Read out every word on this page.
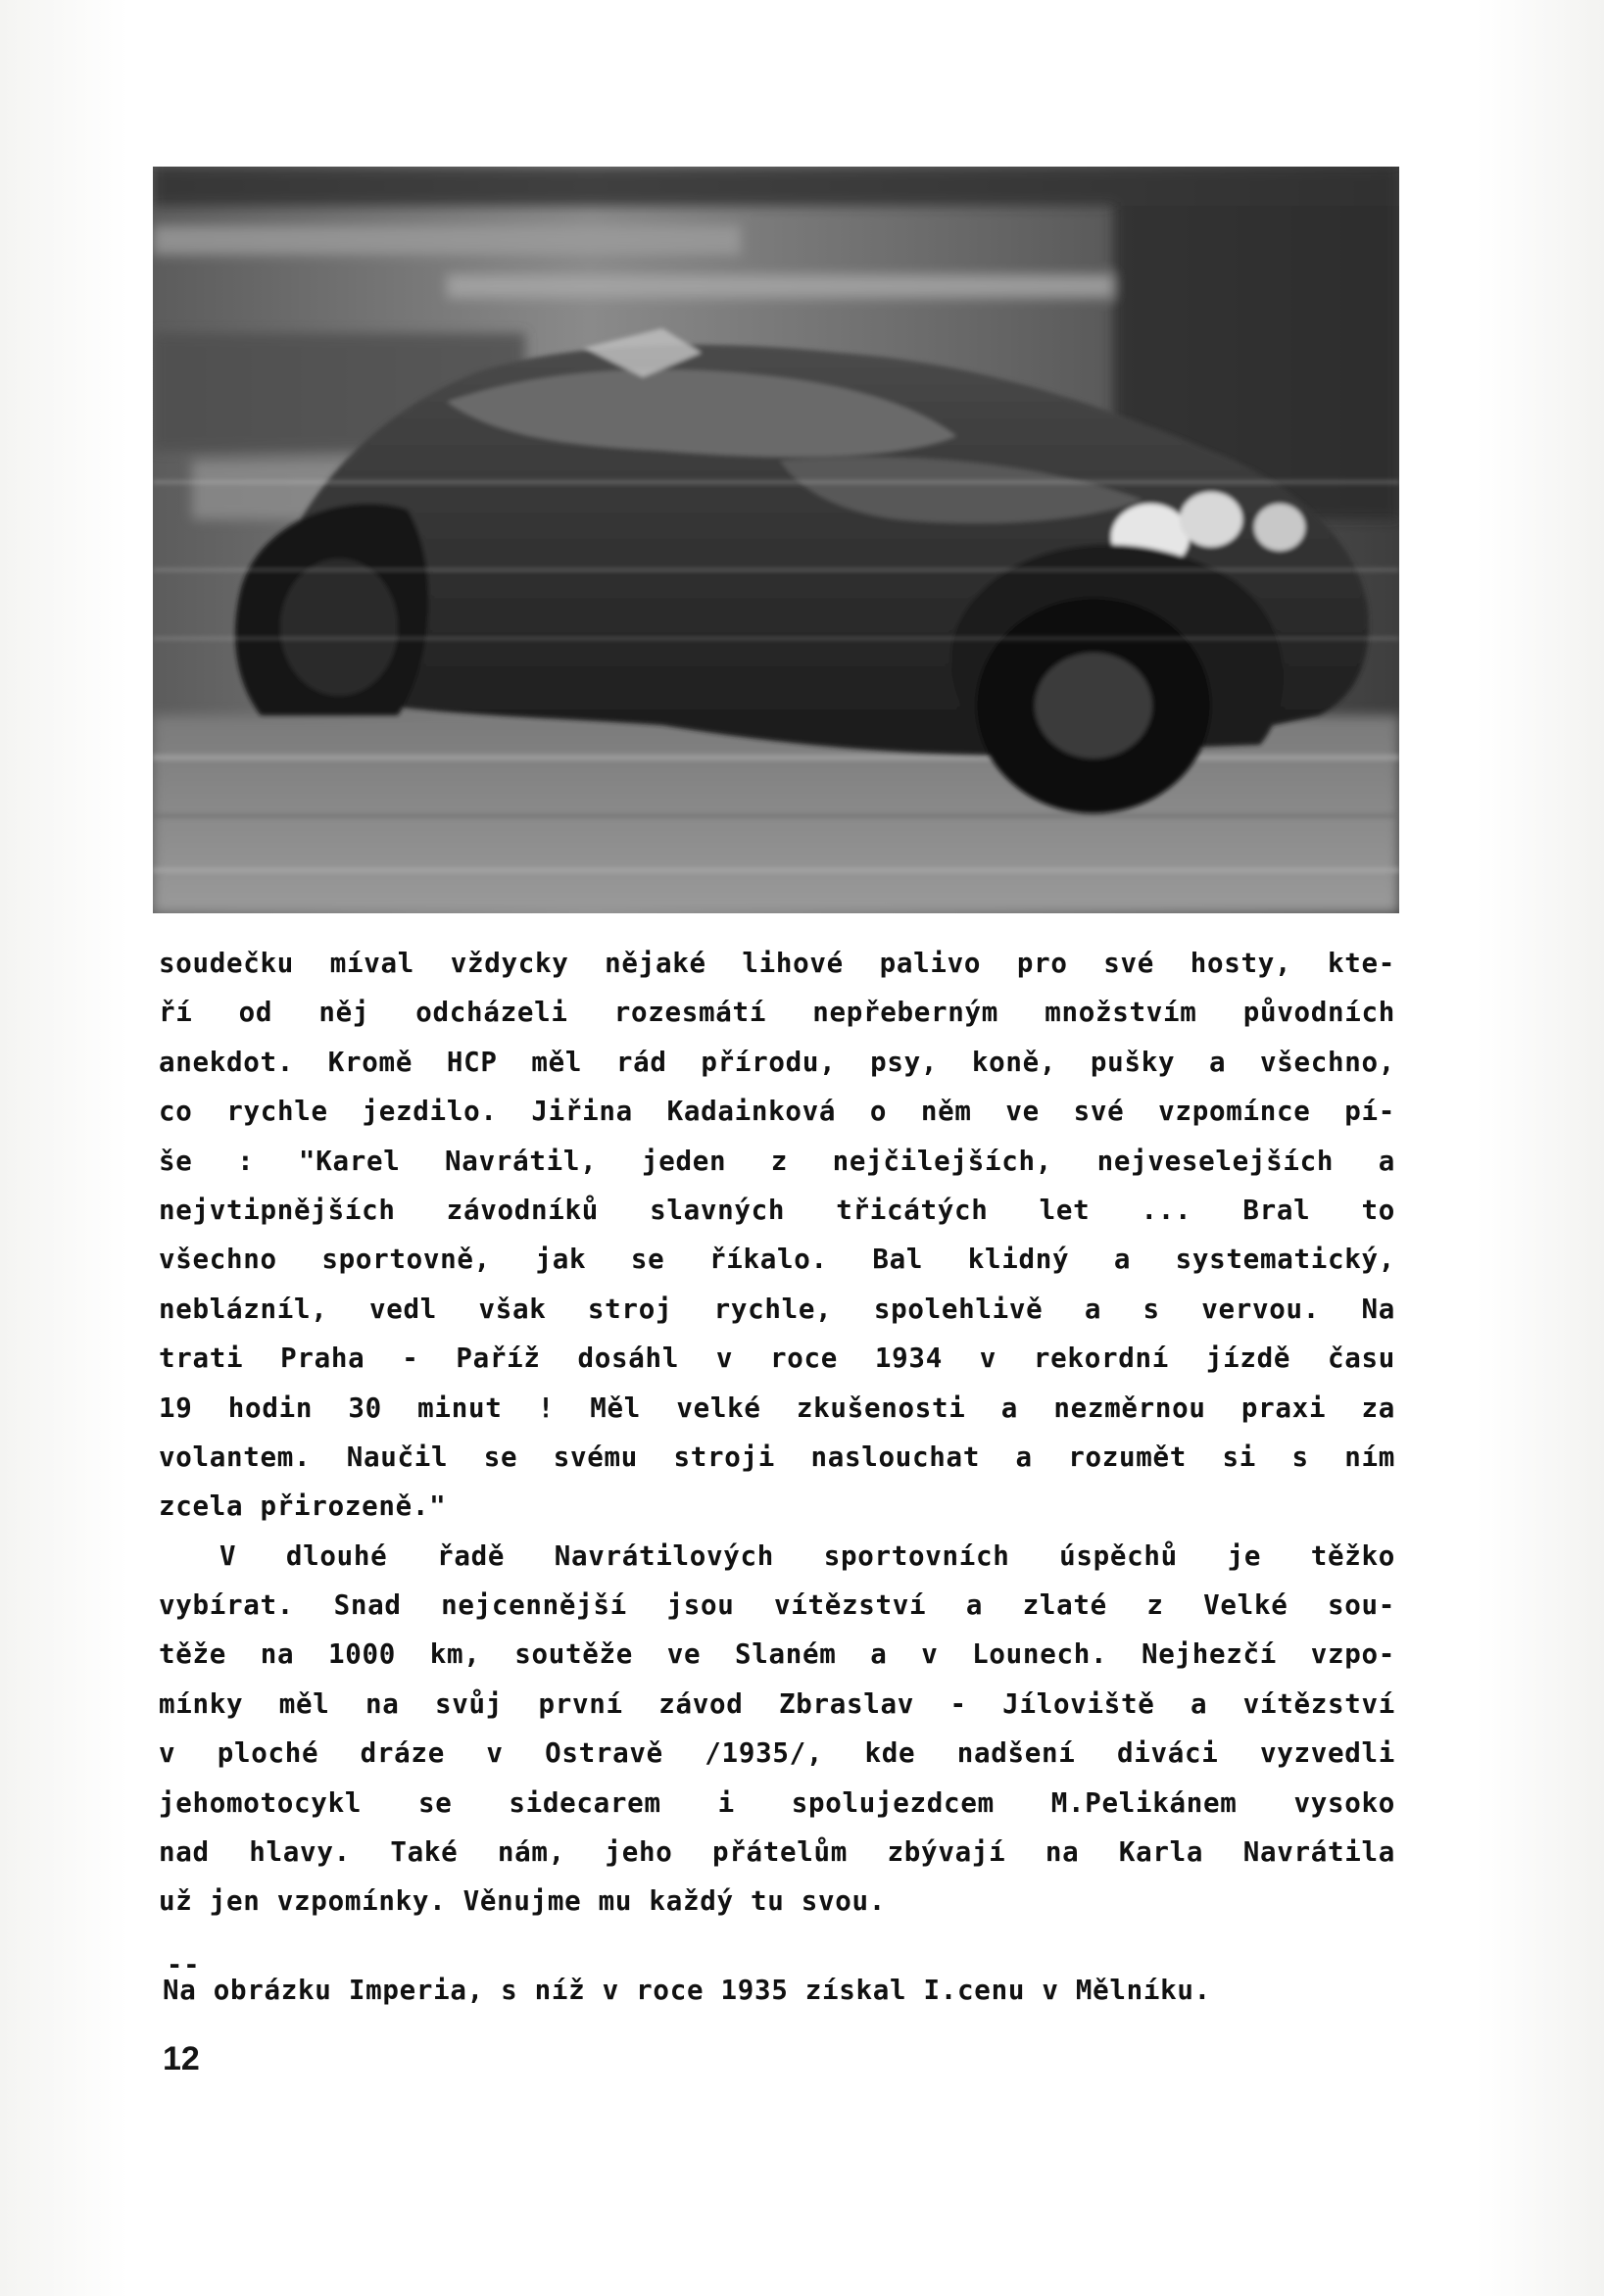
soudečku míval vždycky nějaké lihové palivo pro své hosty, kte-
ří od něj odcházeli rozesmátí nepřeberným množstvím původních
anekdot. Kromě HCP měl rád přírodu, psy, koně, pušky a všechno,
co rychle jezdilo. Jiřina Kadainková o něm ve své vzpomínce pí-
še : "Karel Navrátil, jeden z nejčilejších, nejveselejších a
nejvtipnějších závodníků slavných třicátých let ... Bral to
všechno sportovně, jak se říkalo. Bal klidný a systematický,
neblázníl, vedl však stroj rychle, spolehlivě a s vervou. Na
trati Praha - Paříž dosáhl v roce 1934 v rekordní jízdě času
19 hodin 30 minut ! Měl velké zkušenosti a nezměrnou praxi za
volantem. Naučil se svému stroji naslouchat a rozumět si s ním
zcela přirozeně."
V dlouhé řadě Navrátilových sportovních úspěchů je těžko
vybírat. Snad nejcennější jsou vítězství a zlaté z Velké sou-
těže na 1000 km, soutěže ve Slaném a v Lounech. Nejhezčí vzpo-
mínky měl na svůj první závod Zbraslav - Jíloviště a vítězství
v ploché dráze v Ostravě /1935/, kde nadšení diváci vyzvedli
jehomotocykl se sidecarem i spolujezdcem M.Pelikánem vysoko
nad hlavy. Také nám, jeho přátelům zbývají na Karla Navrátila
už jen vzpomínky. Věnujme mu každý tu svou.
--
Na obrázku Imperia, s níž v roce 1935 získal I.cenu v Mělníku.
12
